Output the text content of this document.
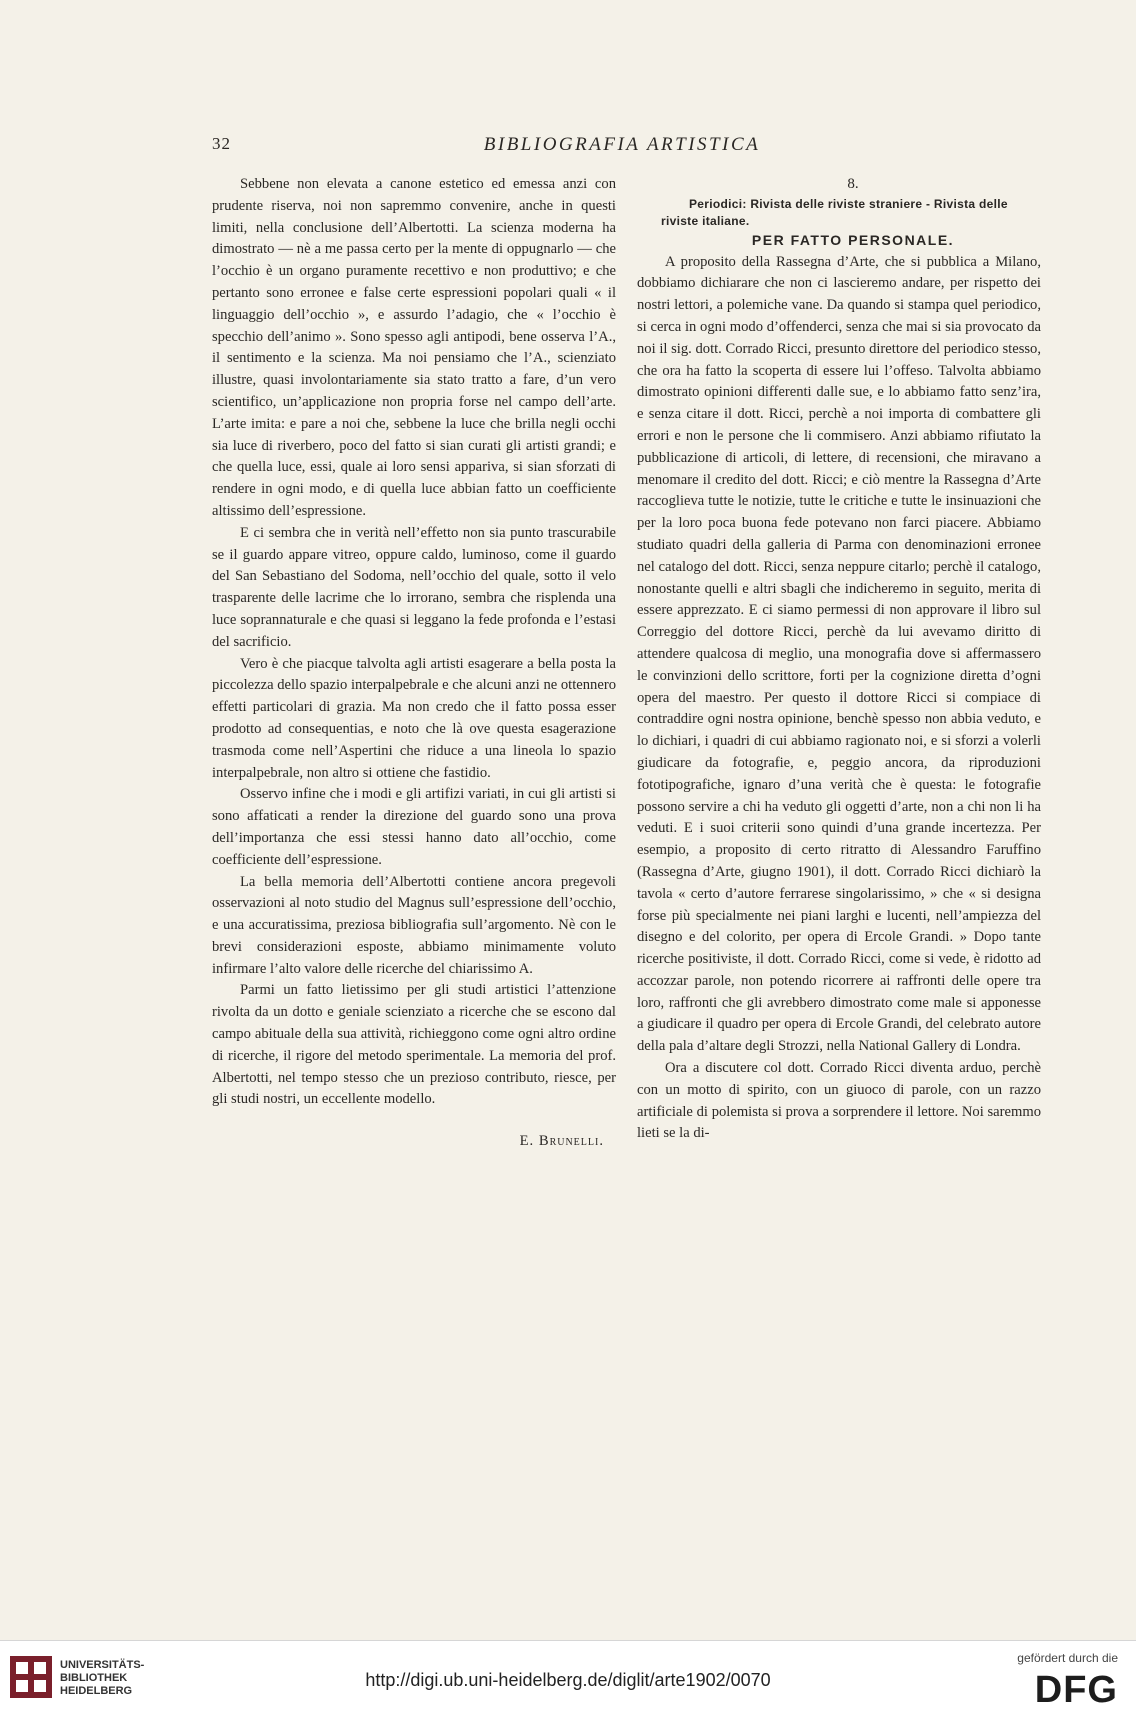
32	BIBLIOGRAFIA ARTISTICA

Sebbene non elevata a canone estetico ed emessa anzi con prudente riserva, noi non sapremmo convenire, anche in questi limiti, nella conclusione dell’Albertotti. La scienza moderna ha dimostrato — nè a me passa certo per la mente di oppugnarlo — che l’occhio è un organo puramente recettivo e non produttivo; e che pertanto sono erronee e false certe espressioni popolari quali « il linguaggio dell’occhio », e assurdo l’adagio, che « l’occhio è specchio dell’animo ». Sono spesso agli antipodi, bene osserva l’A., il sentimento e la scienza. Ma noi pensiamo che l’A., scienziato illustre, quasi involontariamente sia stato tratto a fare, d’un vero scientifico, un’applicazione non propria forse nel campo dell’arte. L’arte imita: e pare a noi che, sebbene la luce che brilla negli occhi sia luce di riverbero, poco del fatto si sian curati gli artisti grandi; e che quella luce, essi, quale ai loro sensi appariva, si sian sforzati di rendere in ogni modo, e di quella luce abbian fatto un coefficiente altissimo dell’espressione.

E ci sembra che in verità nell’effetto non sia punto trascurabile se il guardo appare vitreo, oppure caldo, luminoso, come il guardo del San Sebastiano del Sodoma, nell’occhio del quale, sotto il velo trasparente delle lacrime che lo irrorano, sembra che risplenda una luce soprannaturale e che quasi si leggano la fede profonda e l’estasi del sacrificio.

Vero è che piacque talvolta agli artisti esagerare a bella posta la piccolezza dello spazio interpalpebrale e che alcuni anzi ne ottennero effetti particolari di grazia. Ma non credo che il fatto possa esser prodotto ad consequentias, e noto che là ove questa esagerazione trasmoda come nell’Aspertini che riduce a una lineola lo spazio interpalpebrale, non altro si ottiene che fastidio.

Osservo infine che i modi e gli artifizi variati, in cui gli artisti si sono affaticati a render la direzione del guardo sono una prova dell’importanza che essi stessi hanno dato all’occhio, come coefficiente dell’espressione.

La bella memoria dell’Albertotti contiene ancora pregevoli osservazioni al noto studio del Magnus sull’espressione dell’occhio, e una accuratissima, preziosa bibliografia sull’argomento. Nè con le brevi considerazioni esposte, abbiamo minimamente voluto infirmare l’alto valore delle ricerche del chiarissimo A.

Parmi un fatto lietissimo per gli studi artistici l’attenzione rivolta da un dotto e geniale scienziato a ricerche che se escono dal campo abituale della sua attività, richieggono come ogni altro ordine di ricerche, il rigore del metodo sperimentale. La memoria del prof. Albertotti, nel tempo stesso che un prezioso contributo, riesce, per gli studi nostri, un eccellente modello.

E. Brunelli.

8.

Periodici: Rivista delle riviste straniere - Rivista delle riviste italiane.

PER FATTO PERSONALE.

A proposito della Rassegna d’Arte, che si pubblica a Milano, dobbiamo dichiarare che non ci lascieremo andare, per rispetto dei nostri lettori, a polemiche vane. Da quando si stampa quel periodico, si cerca in ogni modo d’offenderci, senza che mai si sia provocato da noi il sig. dott. Corrado Ricci, presunto direttore del periodico stesso, che ora ha fatto la scoperta di essere lui l’offeso. Talvolta abbiamo dimostrato opinioni differenti dalle sue, e lo abbiamo fatto senz’ira, e senza citare il dott. Ricci, perchè a noi importa di combattere gli errori e non le persone che li commisero. Anzi abbiamo rifiutato la pubblicazione di articoli, di lettere, di recensioni, che miravano a menomare il credito del dott. Ricci; e ciò mentre la Rassegna d’Arte raccoglieva tutte le notizie, tutte le critiche e tutte le insinuazioni che per la loro poca buona fede potevano non farci piacere. Abbiamo studiato quadri della galleria di Parma con denominazioni erronee nel catalogo del dott. Ricci, senza neppure citarlo; perchè il catalogo, nonostante quelli e altri sbagli che indicheremo in seguito, merita di essere apprezzato. E ci siamo permessi di non approvare il libro sul Correggio del dottore Ricci, perchè da lui avevamo diritto di attendere qualcosa di meglio, una monografia dove si affermassero le convinzioni dello scrittore, forti per la cognizione diretta d’ogni opera del maestro. Per questo il dottore Ricci si compiace di contraddire ogni nostra opinione, benchè spesso non abbia veduto, e lo dichiari, i quadri di cui abbiamo ragionato noi, e si sforzi a volerli giudicare da fotografie, e, peggio ancora, da riproduzioni fototipografiche, ignaro d’una verità che è questa: le fotografie possono servire a chi ha veduto gli oggetti d’arte, non a chi non li ha veduti. E i suoi criterii sono quindi d’una grande incertezza. Per esempio, a proposito di certo ritratto di Alessandro Faruffino (Rassegna d’Arte, giugno 1901), il dott. Corrado Ricci dichiarò la tavola « certo d’autore ferrarese singolarissimo, » che « si designa forse più specialmente nei piani larghi e lucenti, nell’ampiezza del disegno e del colorito, per opera di Ercole Grandi. » Dopo tante ricerche positiviste, il dott. Corrado Ricci, come si vede, è ridotto ad accozzar parole, non potendo ricorrere ai raffronti delle opere tra loro, raffronti che gli avrebbero dimostrato come male si apponesse a giudicare il quadro per opera di Ercole Grandi, del celebrato autore della pala d’altare degli Strozzi, nella National Gallery di Londra.

Ora a discutere col dott. Corrado Ricci diventa arduo, perchè con un motto di spirito, con un giuoco di parole, con un razzo artificiale di polemista si prova a sorprendere il lettore. Noi saremmo lieti se la di-

UNIVERSITÄTS-
BIBLIOTHEK
HEIDELBERG
http://digi.ub.uni-heidelberg.de/diglit/arte1902/0070
gefördert durch die
DFG
